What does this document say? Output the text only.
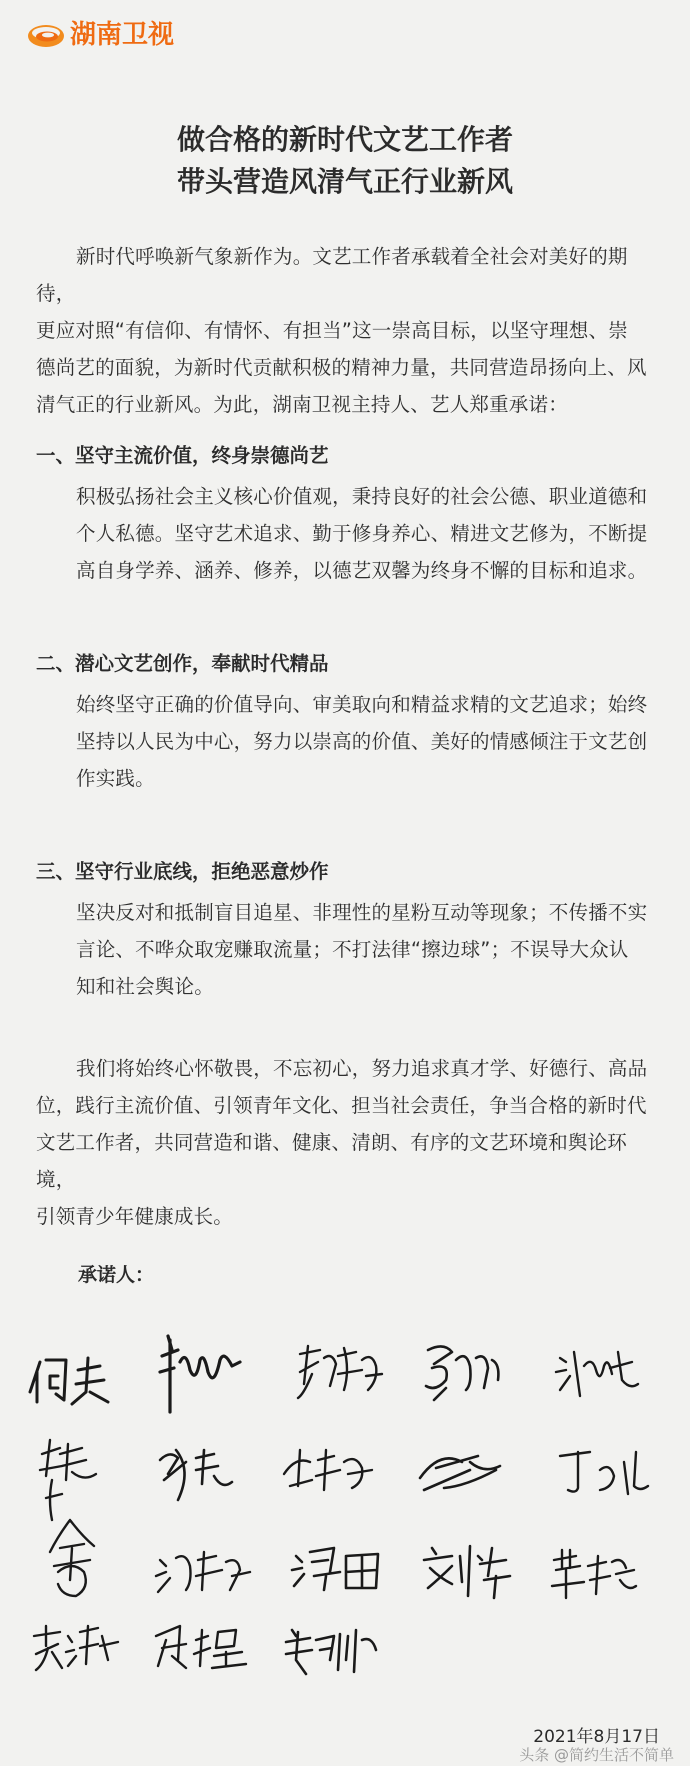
湖南卫视
做合格的新时代文艺工作者
带头营造风清气正行业新风
新时代呼唤新气象新作为。文艺工作者承载着全社会对美好的期待，
更应对照“有信仰、有情怀、有担当”这一崇高目标，以坚守理想、崇
德尚艺的面貌，为新时代贡献积极的精神力量，共同营造昂扬向上、风
清气正的行业新风。为此，湖南卫视主持人、艺人郑重承诺：
一、坚守主流价值，终身崇德尚艺
积极弘扬社会主义核心价值观，秉持良好的社会公德、职业道德和
个人私德。坚守艺术追求、勤于修身养心、精进文艺修为，不断提
高自身学养、涵养、修养，以德艺双馨为终身不懈的目标和追求。
二、潜心文艺创作，奉献时代精品
始终坚守正确的价值导向、审美取向和精益求精的文艺追求；始终
坚持以人民为中心，努力以崇高的价值、美好的情感倾注于文艺创
作实践。
三、坚守行业底线，拒绝恶意炒作
坚决反对和抵制盲目追星、非理性的星粉互动等现象；不传播不实
言论、不哗众取宠赚取流量；不打法律“擦边球”；不误导大众认
知和社会舆论。
我们将始终心怀敬畏，不忘初心，努力追求真才学、好德行、高品
位，践行主流价值、引领青年文化、担当社会责任，争当合格的新时代
文艺工作者，共同营造和谐、健康、清朗、有序的文艺环境和舆论环境，
引领青少年健康成长。
承诺人：
2021年8月17日
头条 @简约生活不简单
